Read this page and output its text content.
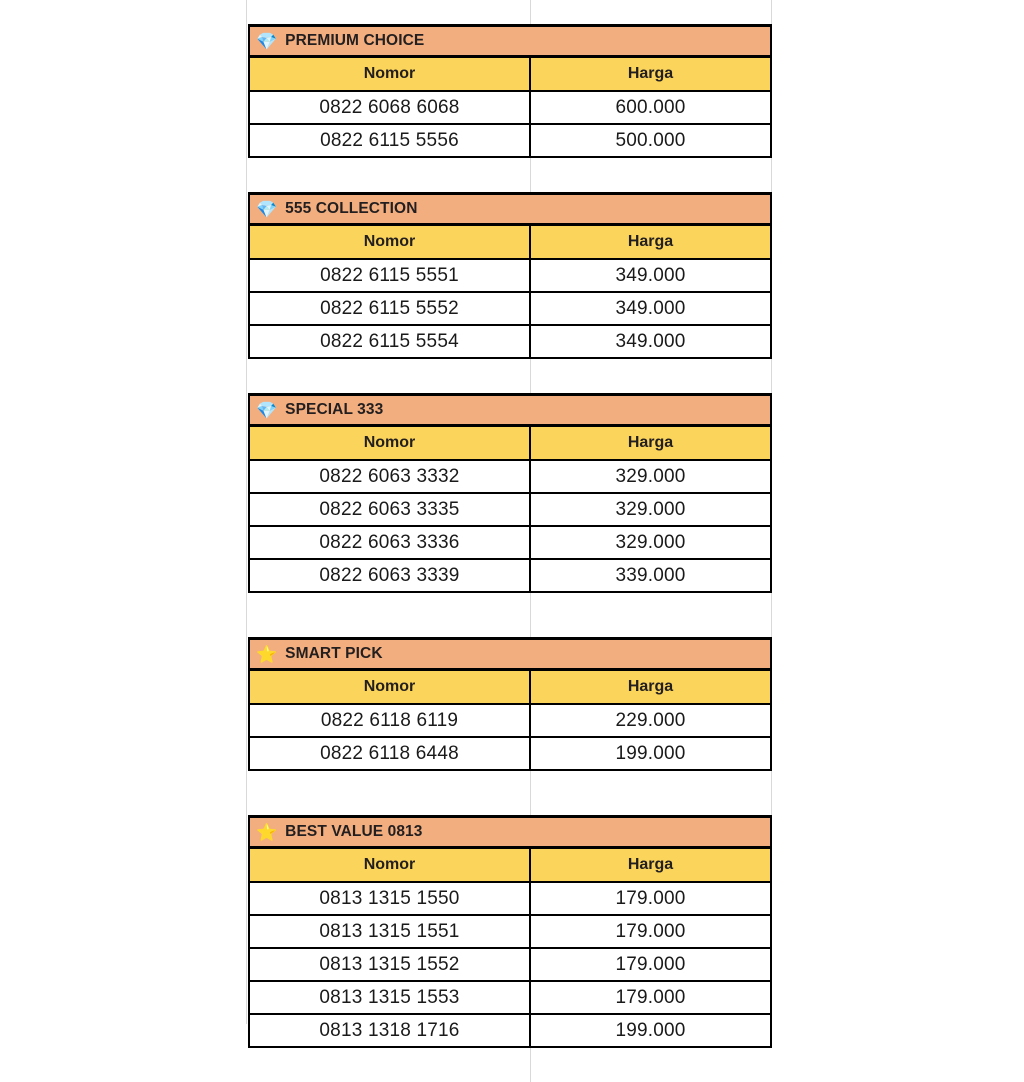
💎 PREMIUM CHOICE
Nomor	Harga
0822 6068 6068	600.000
0822 6115 5556	500.000
💎 555 COLLECTION
Nomor	Harga
0822 6115 5551	349.000
0822 6115 5552	349.000
0822 6115 5554	349.000
💎 SPECIAL 333
Nomor	Harga
0822 6063 3332	329.000
0822 6063 3335	329.000
0822 6063 3336	329.000
0822 6063 3339	339.000
⭐ SMART PICK
Nomor	Harga
0822 6118 6119	229.000
0822 6118 6448	199.000
⭐ BEST VALUE 0813
Nomor	Harga
0813 1315 1550	179.000
0813 1315 1551	179.000
0813 1315 1552	179.000
0813 1315 1553	179.000
0813 1318 1716	199.000
